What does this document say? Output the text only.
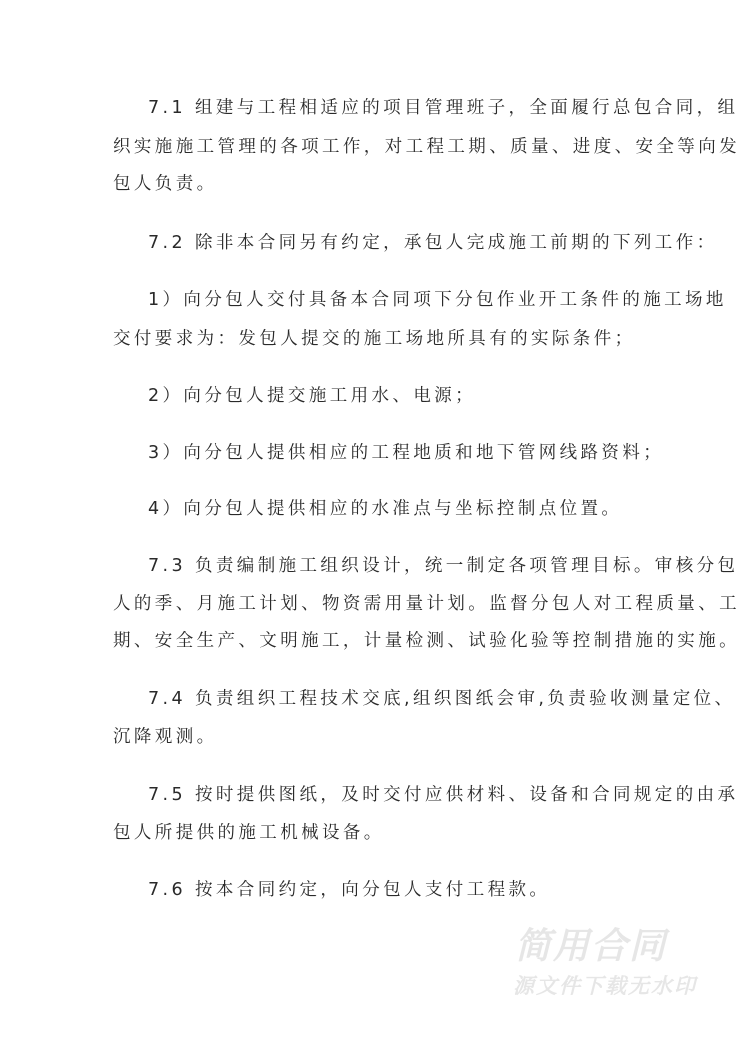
7.1 组建与工程相适应的项目管理班子，全面履行总包合同，组
织实施施工管理的各项工作，对工程工期、质量、进度、安全等向发
包人负责。
7.2 除非本合同另有约定，承包人完成施工前期的下列工作：
1）向分包人交付具备本合同项下分包作业开工条件的施工场地
交付要求为：发包人提交的施工场地所具有的实际条件；
2）向分包人提交施工用水、电源；
3）向分包人提供相应的工程地质和地下管网线路资料；
4）向分包人提供相应的水准点与坐标控制点位置。
7.3 负责编制施工组织设计，统一制定各项管理目标。审核分包
人的季、月施工计划、物资需用量计划。监督分包人对工程质量、工
期、安全生产、文明施工，计量检测、试验化验等控制措施的实施。
7.4 负责组织工程技术交底,组织图纸会审,负责验收测量定位、
沉降观测。
7.5 按时提供图纸，及时交付应供材料、设备和合同规定的由承
包人所提供的施工机械设备。
7.6 按本合同约定，向分包人支付工程款。
简用合同
源文件下载无水印
